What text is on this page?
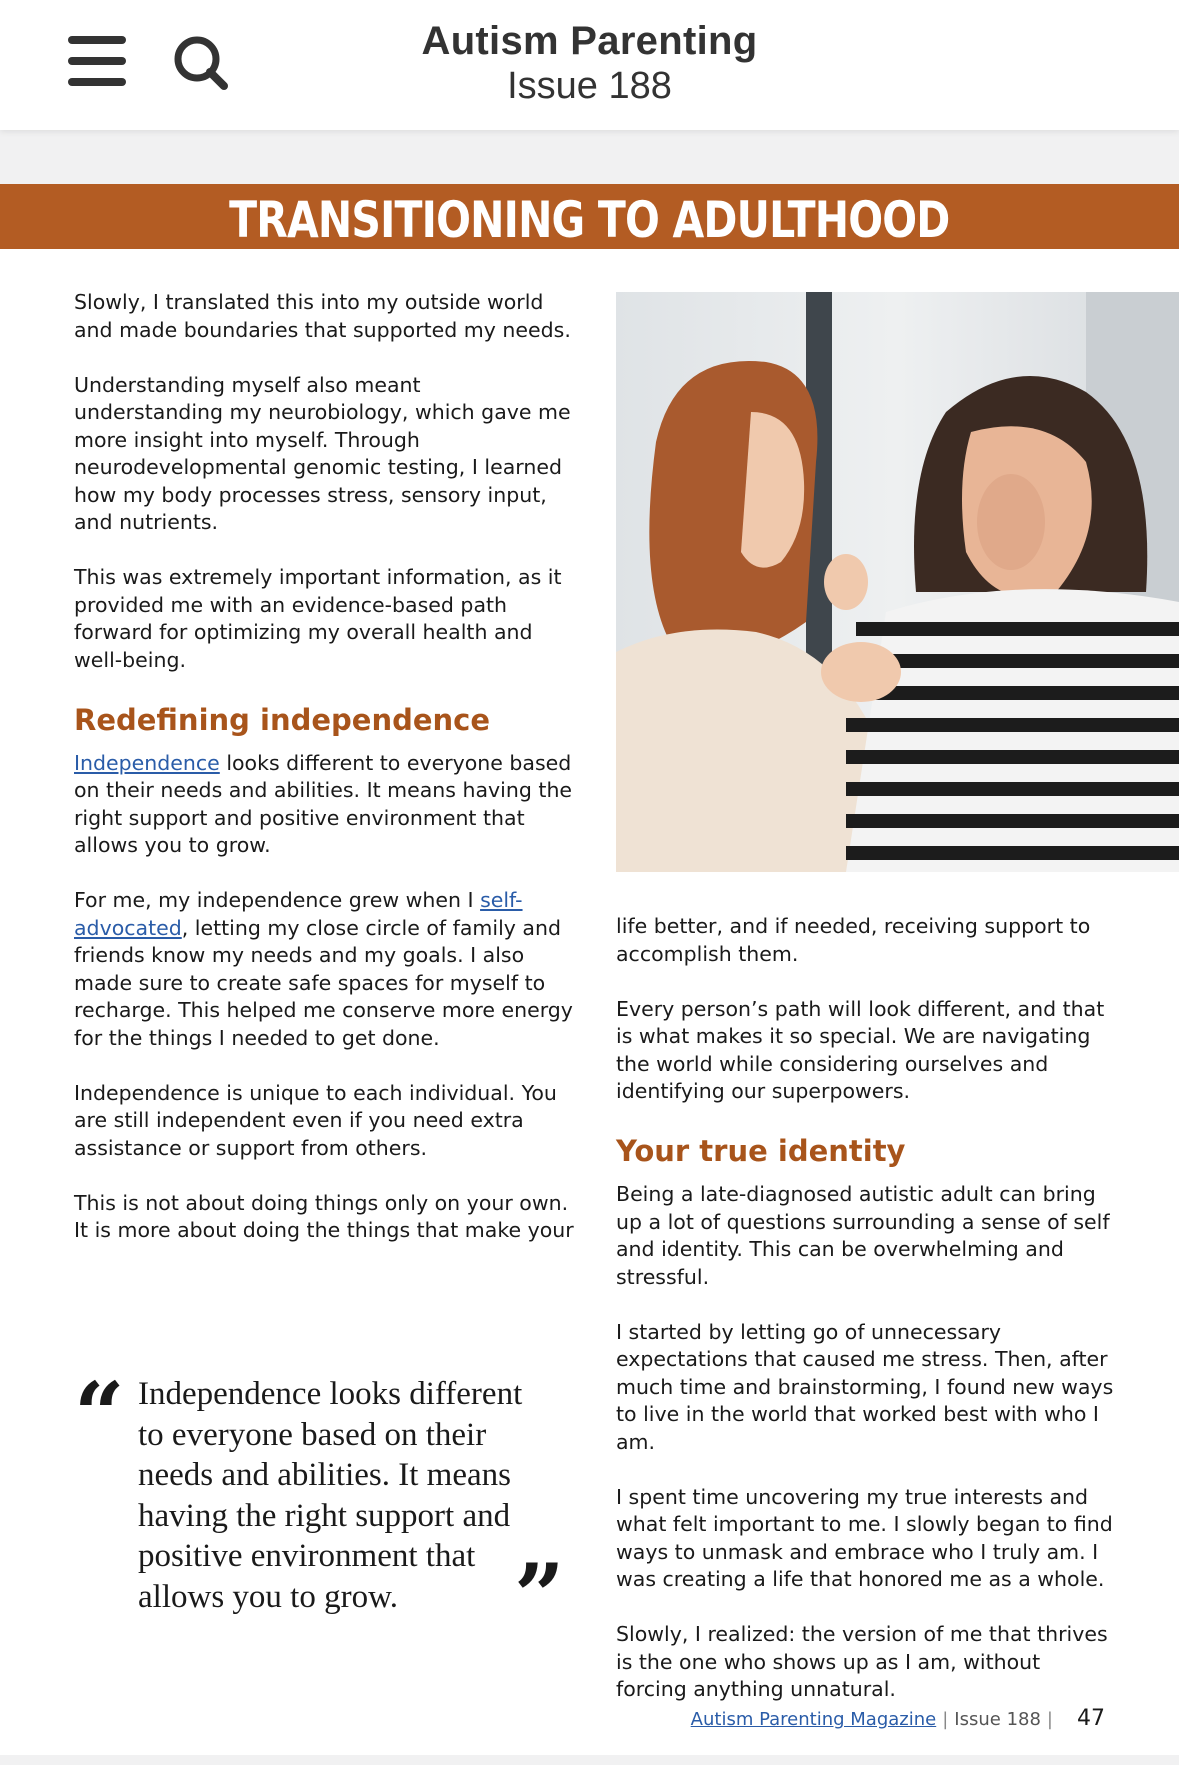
Autism Parenting
Issue 188
TRANSITIONING TO ADULTHOOD

Slowly, I translated this into my outside world and made boundaries that supported my needs.

Understanding myself also meant understanding my neurobiology, which gave me more insight into myself. Through neurodevelopmental genomic testing, I learned how my body processes stress, sensory input, and nutrients.

This was extremely important information, as it provided me with an evidence-based path forward for optimizing my overall health and well-being.

Redefining independence

Independence looks different to everyone based on their needs and abilities. It means having the right support and positive environment that allows you to grow.

For me, my independence grew when I self-advocated, letting my close circle of family and friends know my needs and my goals. I also made sure to create safe spaces for myself to recharge. This helped me conserve more energy for the things I needed to get done.

Independence is unique to each individual. You are still independent even if you need extra assistance or support from others.

This is not about doing things only on your own. It is more about doing the things that make your

life better, and if needed, receiving support to accomplish them.

Every person’s path will look different, and that is what makes it so special. We are navigating the world while considering ourselves and identifying our superpowers.

Your true identity

Being a late-diagnosed autistic adult can bring up a lot of questions surrounding a sense of self and identity. This can be overwhelming and stressful.

I started by letting go of unnecessary expectations that caused me stress. Then, after much time and brainstorming, I found new ways to live in the world that worked best with who I am.

I spent time uncovering my true interests and what felt important to me. I slowly began to find ways to unmask and embrace who I truly am. I was creating a life that honored me as a whole.

Slowly, I realized: the version of me that thrives is the one who shows up as I am, without forcing anything unnatural.

“ Independence looks different to everyone based on their needs and abilities. It means having the right support and positive environment that allows you to grow.	”
Autism Parenting Magazine | Issue 188 | 47
